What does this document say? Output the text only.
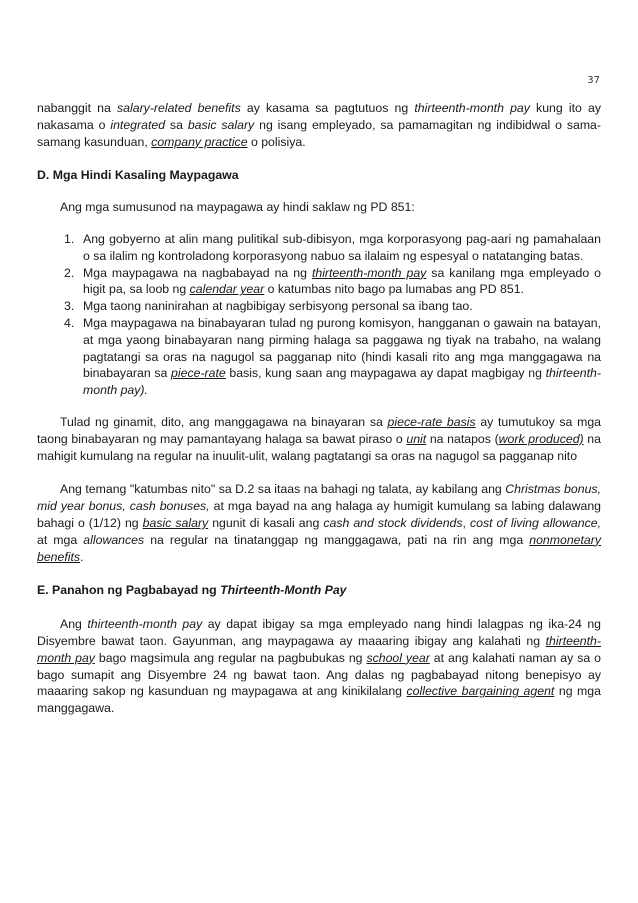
37

nabanggit na salary-related benefits ay kasama sa pagtutuos ng thirteenth-month pay kung ito ay nakasama o integrated sa basic salary ng isang empleyado, sa pamamagitan ng indibidwal o sama-samang kasunduan, company practice o polisiya.

D. Mga Hindi Kasaling Maypagawa

Ang mga sumusunod na maypagawa ay hindi saklaw ng PD 851:

1. Ang gobyerno at alin mang pulitikal sub-dibisyon, mga korporasyong pag-aari ng pamahalaan o sa ilalim ng kontroladong korporasyong nabuo sa ilalaim ng espesyal o natatanging batas.
2. Mga maypagawa na nagbabayad na ng thirteenth-month pay sa kanilang mga empleyado o higit pa, sa loob ng calendar year o katumbas nito bago pa lumabas ang PD 851.
3. Mga taong naninirahan at nagbibigay serbisyong personal sa ibang tao.
4. Mga maypagawa na binabayaran tulad ng purong komisyon, hangganan o gawain na batayan, at mga yaong binabayaran nang pirming halaga sa paggawa ng tiyak na trabaho, na walang pagtatangi sa oras na nagugol sa pagganap nito (hindi kasali rito ang mga manggagawa na binabayaran sa piece-rate basis, kung saan ang maypagawa ay dapat magbigay ng thirteenth-month pay).

Tulad ng ginamit, dito, ang manggagawa na binayaran sa piece-rate basis ay tumutukoy sa mga taong binabayaran ng may pamantayang halaga sa bawat piraso o unit na natapos (work produced) na mahigit kumulang na regular na inuulit-ulit, walang pagtatangi sa oras na nagugol sa pagganap nito

Ang temang "katumbas nito" sa D.2 sa itaas na bahagi ng talata, ay kabilang ang Christmas bonus, mid year bonus, cash bonuses, at mga bayad na ang halaga ay humigit kumulang sa labing dalawang bahagi o (1/12) ng basic salary ngunit di kasali ang cash and stock dividends, cost of living allowance, at mga allowances na regular na tinatanggap ng manggagawa, pati na rin ang mga nonmonetary benefits.

E. Panahon ng Pagbabayad ng Thirteenth-Month Pay

Ang thirteenth-month pay ay dapat ibigay sa mga empleyado nang hindi lalagpas ng ika-24 ng Disyembre bawat taon. Gayunman, ang maypagawa ay maaaring ibigay ang kalahati ng thirteenth-month pay bago magsimula ang regular na pagbubukas ng school year at ang kalahati naman ay sa o bago sumapit ang Disyembre 24 ng bawat taon. Ang dalas ng pagbabayad nitong benepisyo ay maaaring sakop ng kasunduan ng maypagawa at ang kinikilalang collective bargaining agent ng mga manggagawa.
